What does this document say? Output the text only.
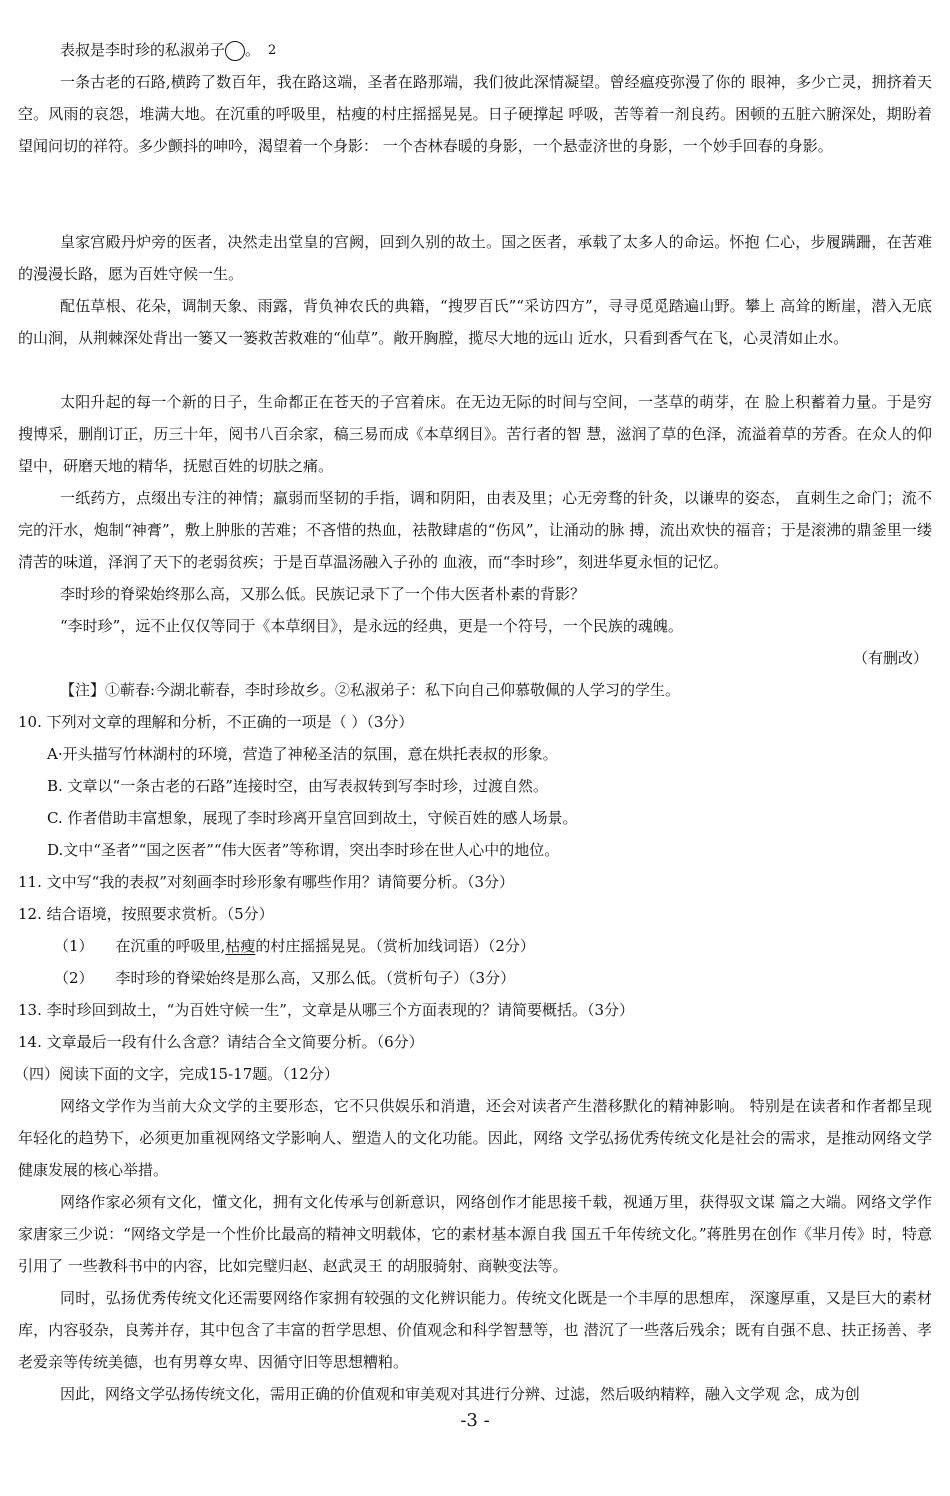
表叔是李时珍的私淑弟子	2。

一条古老的石路,横跨了数百年，我在路这端，圣者在路那端，我们彼此深情凝望。曾经瘟疫弥漫了你的 眼神，多少亡灵，拥挤着天空。风雨的哀怨，堆满大地。在沉重的呼吸里，枯瘦的村庄摇摇晃晃。日子硬撑起 呼吸，苦等着一剂良药。困顿的五脏六腑深处，期盼着望闻问切的祥符。多少颤抖的呻吟，渴望着一个身影： 一个杏林春暖的身影，一个悬壶济世的身影，一个妙手回春的身影。

皇家宫殿丹炉旁的医者，决然走出堂皇的宫阙，回到久别的故土。国之医者，承载了太多人的命运。怀抱 仁心，步履蹒跚，在苦难的漫漫长路，愿为百姓守候一生。

配伍草根、花朵，调制天象、雨露，背负神农氏的典籍，“搜罗百氏”“采访四方”，寻寻觅觅踏遍山野。攀上 高耸的断崖，潜入无底的山涧，从荆棘深处背出一篓又一篓救苦救难的“仙草”。敞开胸膛，揽尽大地的远山 近水，只看到香气在飞，心灵清如止水。

太阳升起的每一个新的日子，生命都正在苍天的子宫着床。在无边无际的时间与空间，一茎草的萌芽，在 脸上积蓄着力量。于是穷搜博采，删削订正，历三十年，阅书八百余家，稿三易而成《本草纲目》。苦行者的智 慧，滋润了草的色泽，流溢着草的芳香。在众人的仰望中，研磨天地的精华，抚慰百姓的切肤之痛。

一纸药方，点缀出专注的神情；羸弱而坚韧的手指，调和阴阳，由表及里；心无旁骛的针灸，以谦卑的姿态， 直刺生之命门；流不完的汗水，炮制“神膏”，敷上肿胀的苦难；不吝惜的热血，祛散肆虐的“伤风”，让涌动的脉 搏，流出欢快的福音；于是滚沸的鼎釜里一缕清苦的味道，泽润了天下的老弱贫疾；于是百草温汤融入子孙的 血液，而“李时珍”，刻进华夏永恒的记忆。

李时珍的脊梁始终那么高，又那么低。民族记录下了一个伟大医者朴素的背影？

“李时珍”，远不止仅仅等同于《本草纲目》，是永远的经典，更是一个符号，一个民族的魂魄。

（有删改）

【注】①蕲春:今湖北蕲春，李时珍故乡。②私淑弟子：私下向自己仰慕敬佩的人学习的学生。

10. 下列对文章的理解和分析，不正确的一项是（ ）（3分）

A·开头描写竹林湖村的环境，营造了神秘圣洁的氛围，意在烘托表叔的形象。

B. 文章以“一条古老的石路”连接时空，由写表叔转到写李时珍，过渡自然。

C. 作者借助丰富想象，展现了李时珍离开皇宫回到故土，守候百姓的感人场景。

D.文中“圣者”“国之医者”“伟大医者”等称谓，突出李时珍在世人心中的地位。

11. 文中写“我的表叔”对刻画李时珍形象有哪些作用？请简要分析。（3分）

12. 结合语境，按照要求赏析。（5分）

（1） 在沉重的呼吸里,枯瘦的村庄摇摇晃晃。（赏析加线词语）（2分）

（2） 李时珍的脊梁始终是那么高，又那么低。（赏析句子）（3分）

13. 李时珍回到故土，“为百姓守候一生”，文章是从哪三个方面表现的？请简要概括。（3分）

14. 文章最后一段有什么含意？请结合全文简要分析。（6分）

（四）阅读下面的文字，完成15-17题。（12分）

网络文学作为当前大众文学的主要形态，它不只供娱乐和消遣，还会对读者产生潜移默化的精神影响。 特别是在读者和作者都呈现年轻化的趋势下，必须更加重视网络文学影响人、塑造人的文化功能。因此，网络 文学弘扬优秀传统文化是社会的需求，是推动网络文学健康发展的核心举措。

网络作家必须有文化，懂文化，拥有文化传承与创新意识，网络创作才能思接千载，视通万里，获得驭文谋 篇之大端。网络文学作家唐家三少说：“网络文学是一个性价比最高的精神文明载体，它的素材基本源自我 国五千年传统文化。”蒋胜男在创作《芈月传》时，特意引用了 一些教科书中的内容，比如完璧归赵、赵武灵王 的胡服骑射、商鞅变法等。

同时，弘扬优秀传统文化还需要网络作家拥有较强的文化辨识能力。传统文化既是一个丰厚的思想库， 深邃厚重，又是巨大的素材库，内容驳杂，良莠并存，其中包含了丰富的哲学思想、价值观念和科学智慧等，也 潜沉了一些落后残余；既有自强不息、扶正扬善、孝老爱亲等传统美德，也有男尊女卑、因循守旧等思想糟粕。

因此，网络文学弘扬传统文化，需用正确的价值观和审美观对其进行分辨、过滤，然后吸纳精粹，融入文学观 念，成为创

-3 -
